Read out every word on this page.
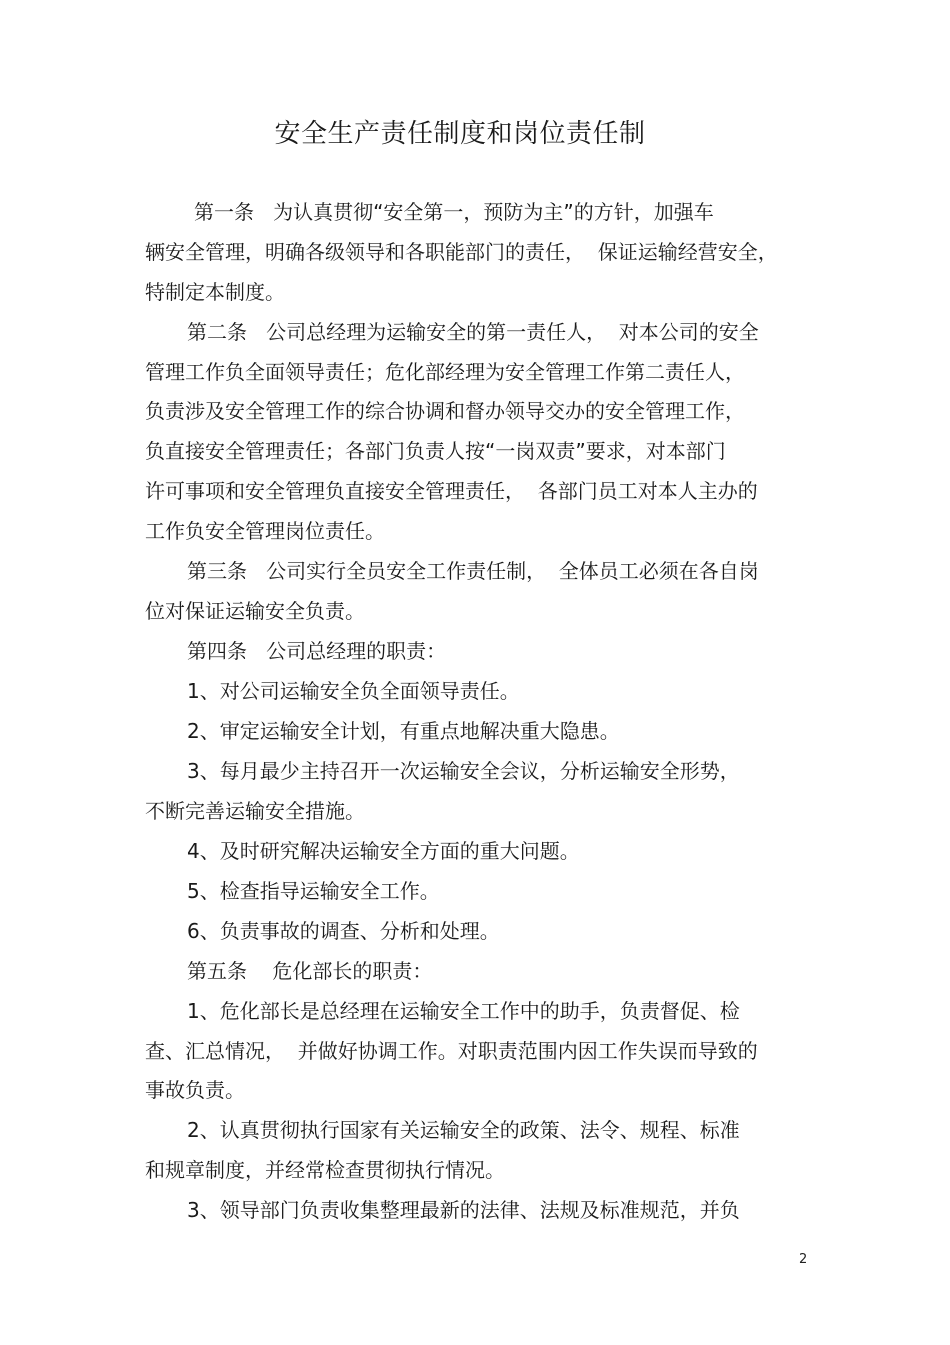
安全生产责任制度和岗位责任制

第一条   为认真贯彻“安全第一，预防为主”的方针，加强车

辆安全管理，明确各级领导和各职能部门的责任，  保证运输经营安全，

特制定本制度。

第二条   公司总经理为运输安全的第一责任人，  对本公司的安全

管理工作负全面领导责任；危化部经理为安全管理工作第二责任人，

负责涉及安全管理工作的综合协调和督办领导交办的安全管理工作，

负直接安全管理责任；各部门负责人按“一岗双责”要求，对本部门

许可事项和安全管理负直接安全管理责任，  各部门员工对本人主办的

工作负安全管理岗位责任。

第三条   公司实行全员安全工作责任制，  全体员工必须在各自岗

位对保证运输安全负责。

第四条   公司总经理的职责：

1、对公司运输安全负全面领导责任。

2、审定运输安全计划，有重点地解决重大隐患。

3、每月最少主持召开一次运输安全会议，分析运输安全形势，

不断完善运输安全措施。

4、及时研究解决运输安全方面的重大问题。

5、检查指导运输安全工作。

6、负责事故的调查、分析和处理。

第五条    危化部长的职责：

1、危化部长是总经理在运输安全工作中的助手，负责督促、检

查、汇总情况，  并做好协调工作。对职责范围内因工作失误而导致的

事故负责。

2、认真贯彻执行国家有关运输安全的政策、法令、规程、标准

和规章制度，并经常检查贯彻执行情况。

3、领导部门负责收集整理最新的法律、法规及标准规范，并负

2
